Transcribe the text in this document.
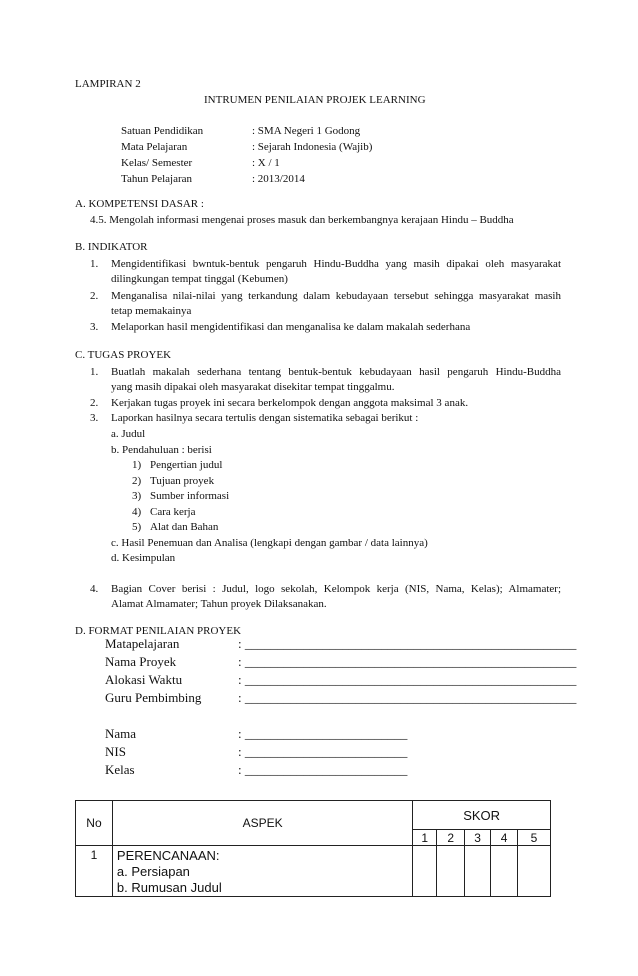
LAMPIRAN 2
INTRUMEN PENILAIAN PROJEK LEARNING
Satuan Pendidikan	: SMA Negeri 1 Godong
Mata Pelajaran	: Sejarah Indonesia (Wajib)
Kelas/ Semester	: X / 1
Tahun Pelajaran	: 2013/2014
A. KOMPETENSI DASAR :
4.5. Mengolah informasi mengenai proses masuk dan berkembangnya kerajaan Hindu – Buddha
B. INDIKATOR
1. Mengidentifikasi bwntuk-bentuk pengaruh Hindu-Buddha yang masih dipakai oleh masyarakat
dilingkungan tempat tinggal (Kebumen)
2. Menganalisa nilai-nilai yang terkandung dalam kebudayaan tersebut sehingga masyarakat masih
tetap memakainya
3. Melaporkan hasil mengidentifikasi dan menganalisa ke dalam makalah sederhana
C. TUGAS PROYEK
1. Buatlah makalah sederhana tentang bentuk-bentuk kebudayaan hasil pengaruh Hindu-Buddha
yang masih dipakai oleh masyarakat disekitar tempat tinggalmu.
2. Kerjakan tugas proyek ini secara berkelompok dengan anggota maksimal 3 anak.
3. Laporkan hasilnya secara tertulis dengan sistematika sebagai berikut :
a. Judul
b. Pendahuluan : berisi
1) Pengertian judul
2) Tujuan proyek
3) Sumber informasi
4) Cara kerja
5) Alat dan Bahan
c. Hasil Penemuan dan Analisa (lengkapi dengan gambar / data lainnya)
d. Kesimpulan
4. Bagian Cover berisi : Judul, logo sekolah, Kelompok kerja (NIS, Nama, Kelas); Almamater;
Alamat Almamater; Tahun proyek Dilaksanakan.
D. FORMAT PENILAIAN PROYEK
Matapelajaran	: ___________________________________________________
Nama Proyek	: ___________________________________________________
Alokasi Waktu	: ___________________________________________________
Guru Pembimbing	: ___________________________________________________
Nama	: _________________________
NIS	: _________________________
Kelas	: _________________________
No	ASPEK	SKOR				
		1	2	3	4	5
1	PERENCANAAN:
a. Persiapan
b. Rumusan Judul					
